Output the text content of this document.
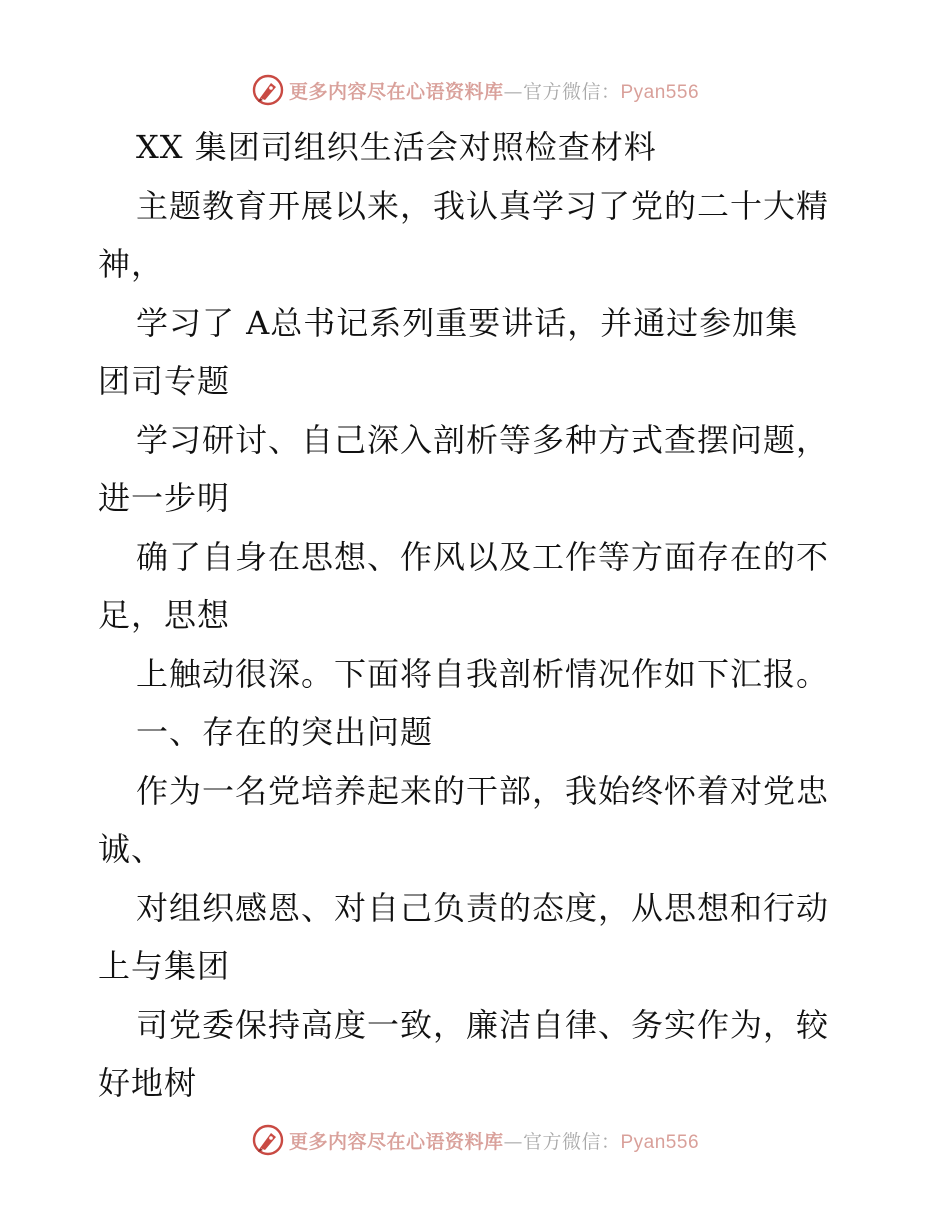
更多内容尽在心语资料库—官方微信：Pyan556
XX 集团司组织生活会对照检查材料
主题教育开展以来，我认真学习了党的二十大精
神，
学习了 A总书记系列重要讲话，并通过参加集
团司专题
学习研讨、自己深入剖析等多种方式查摆问题，
进一步明
确了自身在思想、作风以及工作等方面存在的不
足，思想
上触动很深。下面将自我剖析情况作如下汇报。
一、存在的突出问题
作为一名党培养起来的干部，我始终怀着对党忠
诚、
对组织感恩、对自己负责的态度，从思想和行动
上与集团
司党委保持高度一致，廉洁自律、务实作为，较
好地树
更多内容尽在心语资料库—官方微信：Pyan556
